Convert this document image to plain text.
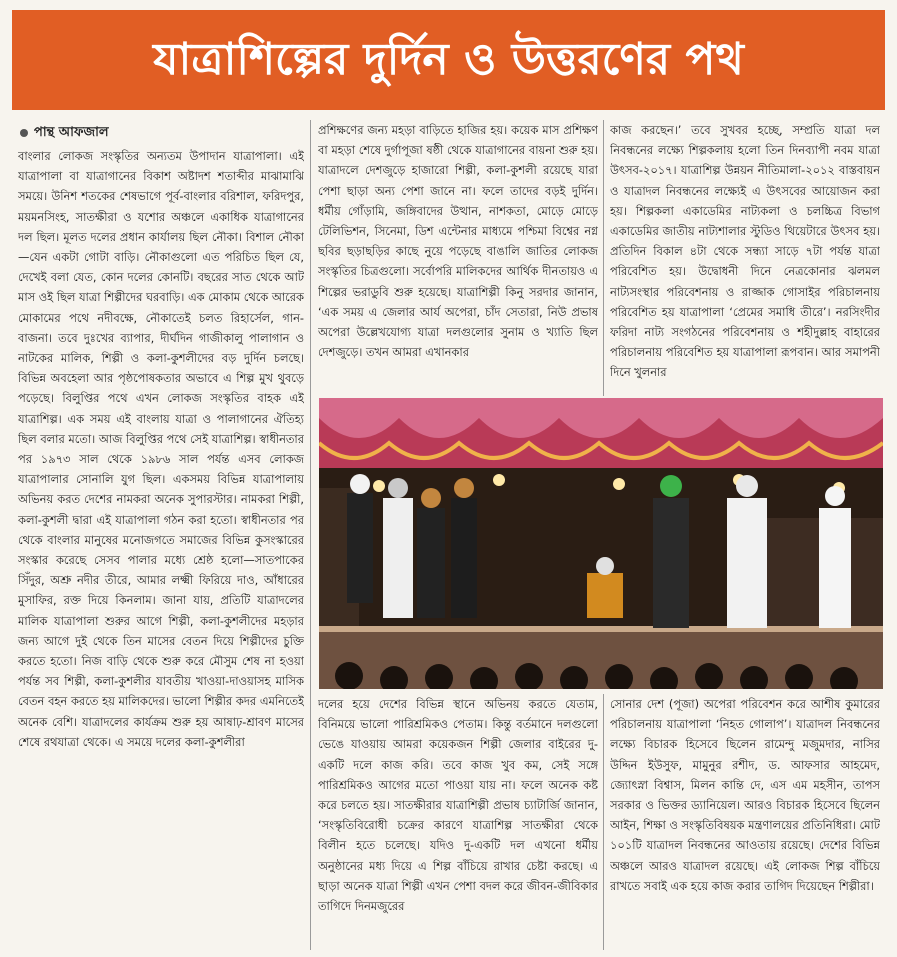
যাত্রাশিল্পের দুর্দিন ও উত্তরণের পথ
পান্থ আফজাল

বাংলার লোকজ সংস্কৃতির অন্যতম উপাদান যাত্রাপালা। এই যাত্রাপালা বা যাত্রাগানের বিকাশ অষ্টাদশ শতাব্দীর মাঝামাঝি সময়ে। উনিশ শতকের শেষভাগে পূর্ব-বাংলার বরিশাল, ফরিদপুর, ময়মনসিংহ, সাতক্ষীরা ও যশোর অঞ্চলে একাধিক যাত্রাগানের দল ছিল। মূলত দলের প্রধান কার্যালয় ছিল নৌকা। বিশাল নৌকা—যেন একটা গোটা বাড়ি। নৌকাগুলো এত পরিচিত ছিল যে, দেখেই বলা যেত, কোন দলের কোনটি। বছরের সাত থেকে আট মাস ওই ছিল যাত্রা শিল্পীদের ঘরবাড়ি। এক মোকাম থেকে আরেক মোকামের পথে নদীবক্ষে, নৌকাতেই চলত রিহার্সেল, গান-বাজনা। তবে দুঃখের ব্যাপার, দীর্ঘদিন গাজীকালু পালাগান ও নাটকের মালিক, শিল্পী ও কলা-কুশলীদের বড় দুর্দিন চলছে। বিভিন্ন অবহেলা আর পৃষ্ঠপোষকতার অভাবে এ শিল্প মুখ থুবড়ে পড়েছে। বিলুপ্তির পথে এখন লোকজ সংস্কৃতির বাহক এই যাত্রাশিল্প। এক সময় এই বাংলায় যাত্রা ও পালাগানের ঐতিহ্য ছিল বলার মতো। আজ বিলুপ্তির পথে সেই যাত্রাশিল্প। স্বাধীনতার পর ১৯৭৩ সাল থেকে ১৯৮৬ সাল পর্যন্ত এসব লোকজ যাত্রাপালার সোনালি যুগ ছিল। একসময় বিভিন্ন যাত্রাপালায় অভিনয় করত দেশের নামকরা অনেক সুপারস্টার। নামকরা শিল্পী, কলা-কুশলী দ্বারা এই যাত্রাপালা গঠন করা হতো। স্বাধীনতার পর থেকে বাংলার মানুষের মনোজগতে সমাজের বিভিন্ন কুসংস্কারের সংস্কার করেছে সেসব পালার মধ্যে শ্রেষ্ঠ হলো—সাতপাকের সিঁদুর, অশ্রু নদীর তীরে, আমার লক্ষ্মী ফিরিয়ে দাও, আঁধারের মুসাফির, রক্ত দিয়ে কিনলাম। জানা যায়, প্রতিটি যাত্রাদলের মালিক যাত্রাপালা শুরুর আগে শিল্পী, কলা-কুশলীদের মহড়ার জন্য আগে দুই থেকে তিন মাসের বেতন দিয়ে শিল্পীদের চুক্তি করতে হতো। নিজ বাড়ি থেকে শুরু করে মৌসুম শেষ না হওয়া পর্যন্ত সব শিল্পী, কলা-কুশলীর যাবতীয় খাওয়া-দাওয়াসহ মাসিক বেতন বহন করতে হয় মালিকদের। ভালো শিল্পীর কদর এমনিতেই অনেক বেশি। যাত্রাদলের কার্যক্রম শুরু হয় আষাঢ়-শ্রাবণ মাসের শেষে রথযাত্রা থেকে। এ সময়ে দলের কলা-কুশলীরা

প্রশিক্ষণের জন্য মহড়া বাড়িতে হাজির হয়। কয়েক মাস প্রশিক্ষণ বা মহড়া শেষে দুর্গাপূজা ষষ্ঠী থেকে যাত্রাগানের বায়না শুরু হয়। যাত্রাদলে দেশজুড়ে হাজারো শিল্পী, কলা-কুশলী রয়েছে যারা পেশা ছাড়া অন্য পেশা জানে না। ফলে তাদের বড়ই দুর্দিন। ধর্মীয় গোঁড়ামি, জঙ্গিবাদের উত্থান, নাশকতা, মোড়ে মোড়ে টেলিভিশন, সিনেমা, ডিশ এন্টেনার মাধ্যমে পশ্চিমা বিশ্বের নগ্ন ছবির ছড়াছড়ির কাছে নুয়ে পড়েছে বাঙালি জাতির লোকজ সংস্কৃতির চিত্রগুলো। সর্বোপরি মালিকদের আর্থিক দীনতায়ও এ শিল্পের ভরাডুবি শুরু হয়েছে। যাত্রাশিল্পী কিনু সরদার জানান, ‘এক সময় এ জেলার আর্য অপেরা, চাঁদ সেতারা, নিউ প্রভাষ অপেরা উল্লেখযোগ্য যাত্রা দলগুলোর সুনাম ও খ্যাতি ছিল দেশজুড়ে। তখন আমরা এখানকার

কাজ করছেন।’ তবে সুখবর হচ্ছে, সম্প্রতি যাত্রা দল নিবন্ধনের লক্ষ্যে শিল্পকলায় হলো তিন দিনব্যাপী নবম যাত্রা উৎসব-২০১৭। যাত্রাশিল্প উন্নয়ন নীতিমালা-২০১২ বাস্তবায়ন ও যাত্রাদল নিবন্ধনের লক্ষ্যেই এ উৎসবের আয়োজন করা হয়। শিল্পকলা একাডেমির নাট্যকলা ও চলচ্চিত্র বিভাগ একাডেমির জাতীয় নাট্যশালার স্টুডিও থিয়েটারে উৎসব হয়। প্রতিদিন বিকাল ৪টা থেকে সন্ধ্যা সাড়ে ৭টা পর্যন্ত যাত্রা পরিবেশিত হয়। উদ্বোধনী দিনে নেত্রকোনার ঝলমল নাট্যসংস্থার পরিবেশনায় ও রাজ্জাক গোসাইর পরিচালনায় পরিবেশিত হয় যাত্রাপালা ‘প্রেমের সমাধি তীরে’। নরসিংদীর ফরিদা নাট্য সংগঠনের পরিবেশনায় ও শহীদুল্লাহ বাহারের পরিচালনায় পরিবেশিত হয় যাত্রাপালা রূপবান। আর সমাপনী দিনে খুলনার

দলের হয়ে দেশের বিভিন্ন স্থানে অভিনয় করতে যেতাম, বিনিময়ে ভালো পারিশ্রমিকও পেতাম। কিন্তু বর্তমানে দলগুলো ভেঙে যাওয়ায় আমরা কয়েকজন শিল্পী জেলার বাইরের দু-একটি দলে কাজ করি। তবে কাজ খুব কম, সেই সঙ্গে পারিশ্রমিকও আগের মতো পাওয়া যায় না। ফলে অনেক কষ্ট করে চলতে হয়। সাতক্ষীরার যাত্রাশিল্পী প্রভাষ চ্যাটার্জি জানান, ‘সংস্কৃতিবিরোধী চক্রের কারণে যাত্রাশিল্প সাতক্ষীরা থেকে বিলীন হতে চলেছে। যদিও দু-একটি দল এখনো ধর্মীয় অনুষ্ঠানের মধ্য দিয়ে এ শিল্প বাঁচিয়ে রাখার চেষ্টা করছে। এ ছাড়া অনেক যাত্রা শিল্পী এখন পেশা বদল করে জীবন-জীবিকার তাগিদে দিনমজুরের

সোনার দেশ (পূজা) অপেরা পরিবেশন করে আশীষ কুমারের পরিচালনায় যাত্রাপালা ‘নিহত গোলাপ’। যাত্রাদল নিবন্ধনের লক্ষ্যে বিচারক হিসেবে ছিলেন রামেন্দু মজুমদার, নাসির উদ্দিন ইউসুফ, মামুনুর রশীদ, ড. আফসার আহমেদ, জ্যোৎস্না বিশ্বাস, মিলন কান্তি দে, এস এম মহসীন, তাপস সরকার ও ভিক্তর ড্যানিয়েল। আরও বিচারক হিসেবে ছিলেন আইন, শিক্ষা ও সংস্কৃতিবিষয়ক মন্ত্রণালয়ের প্রতিনিধিরা। মোট ১০১টি যাত্রাদল নিবন্ধনের আওতায় রয়েছে। দেশের বিভিন্ন অঞ্চলে আরও যাত্রাদল রয়েছে। এই লোকজ শিল্প বাঁচিয়ে রাখতে সবাই এক হয়ে কাজ করার তাগিদ দিয়েছেন শিল্পীরা।
